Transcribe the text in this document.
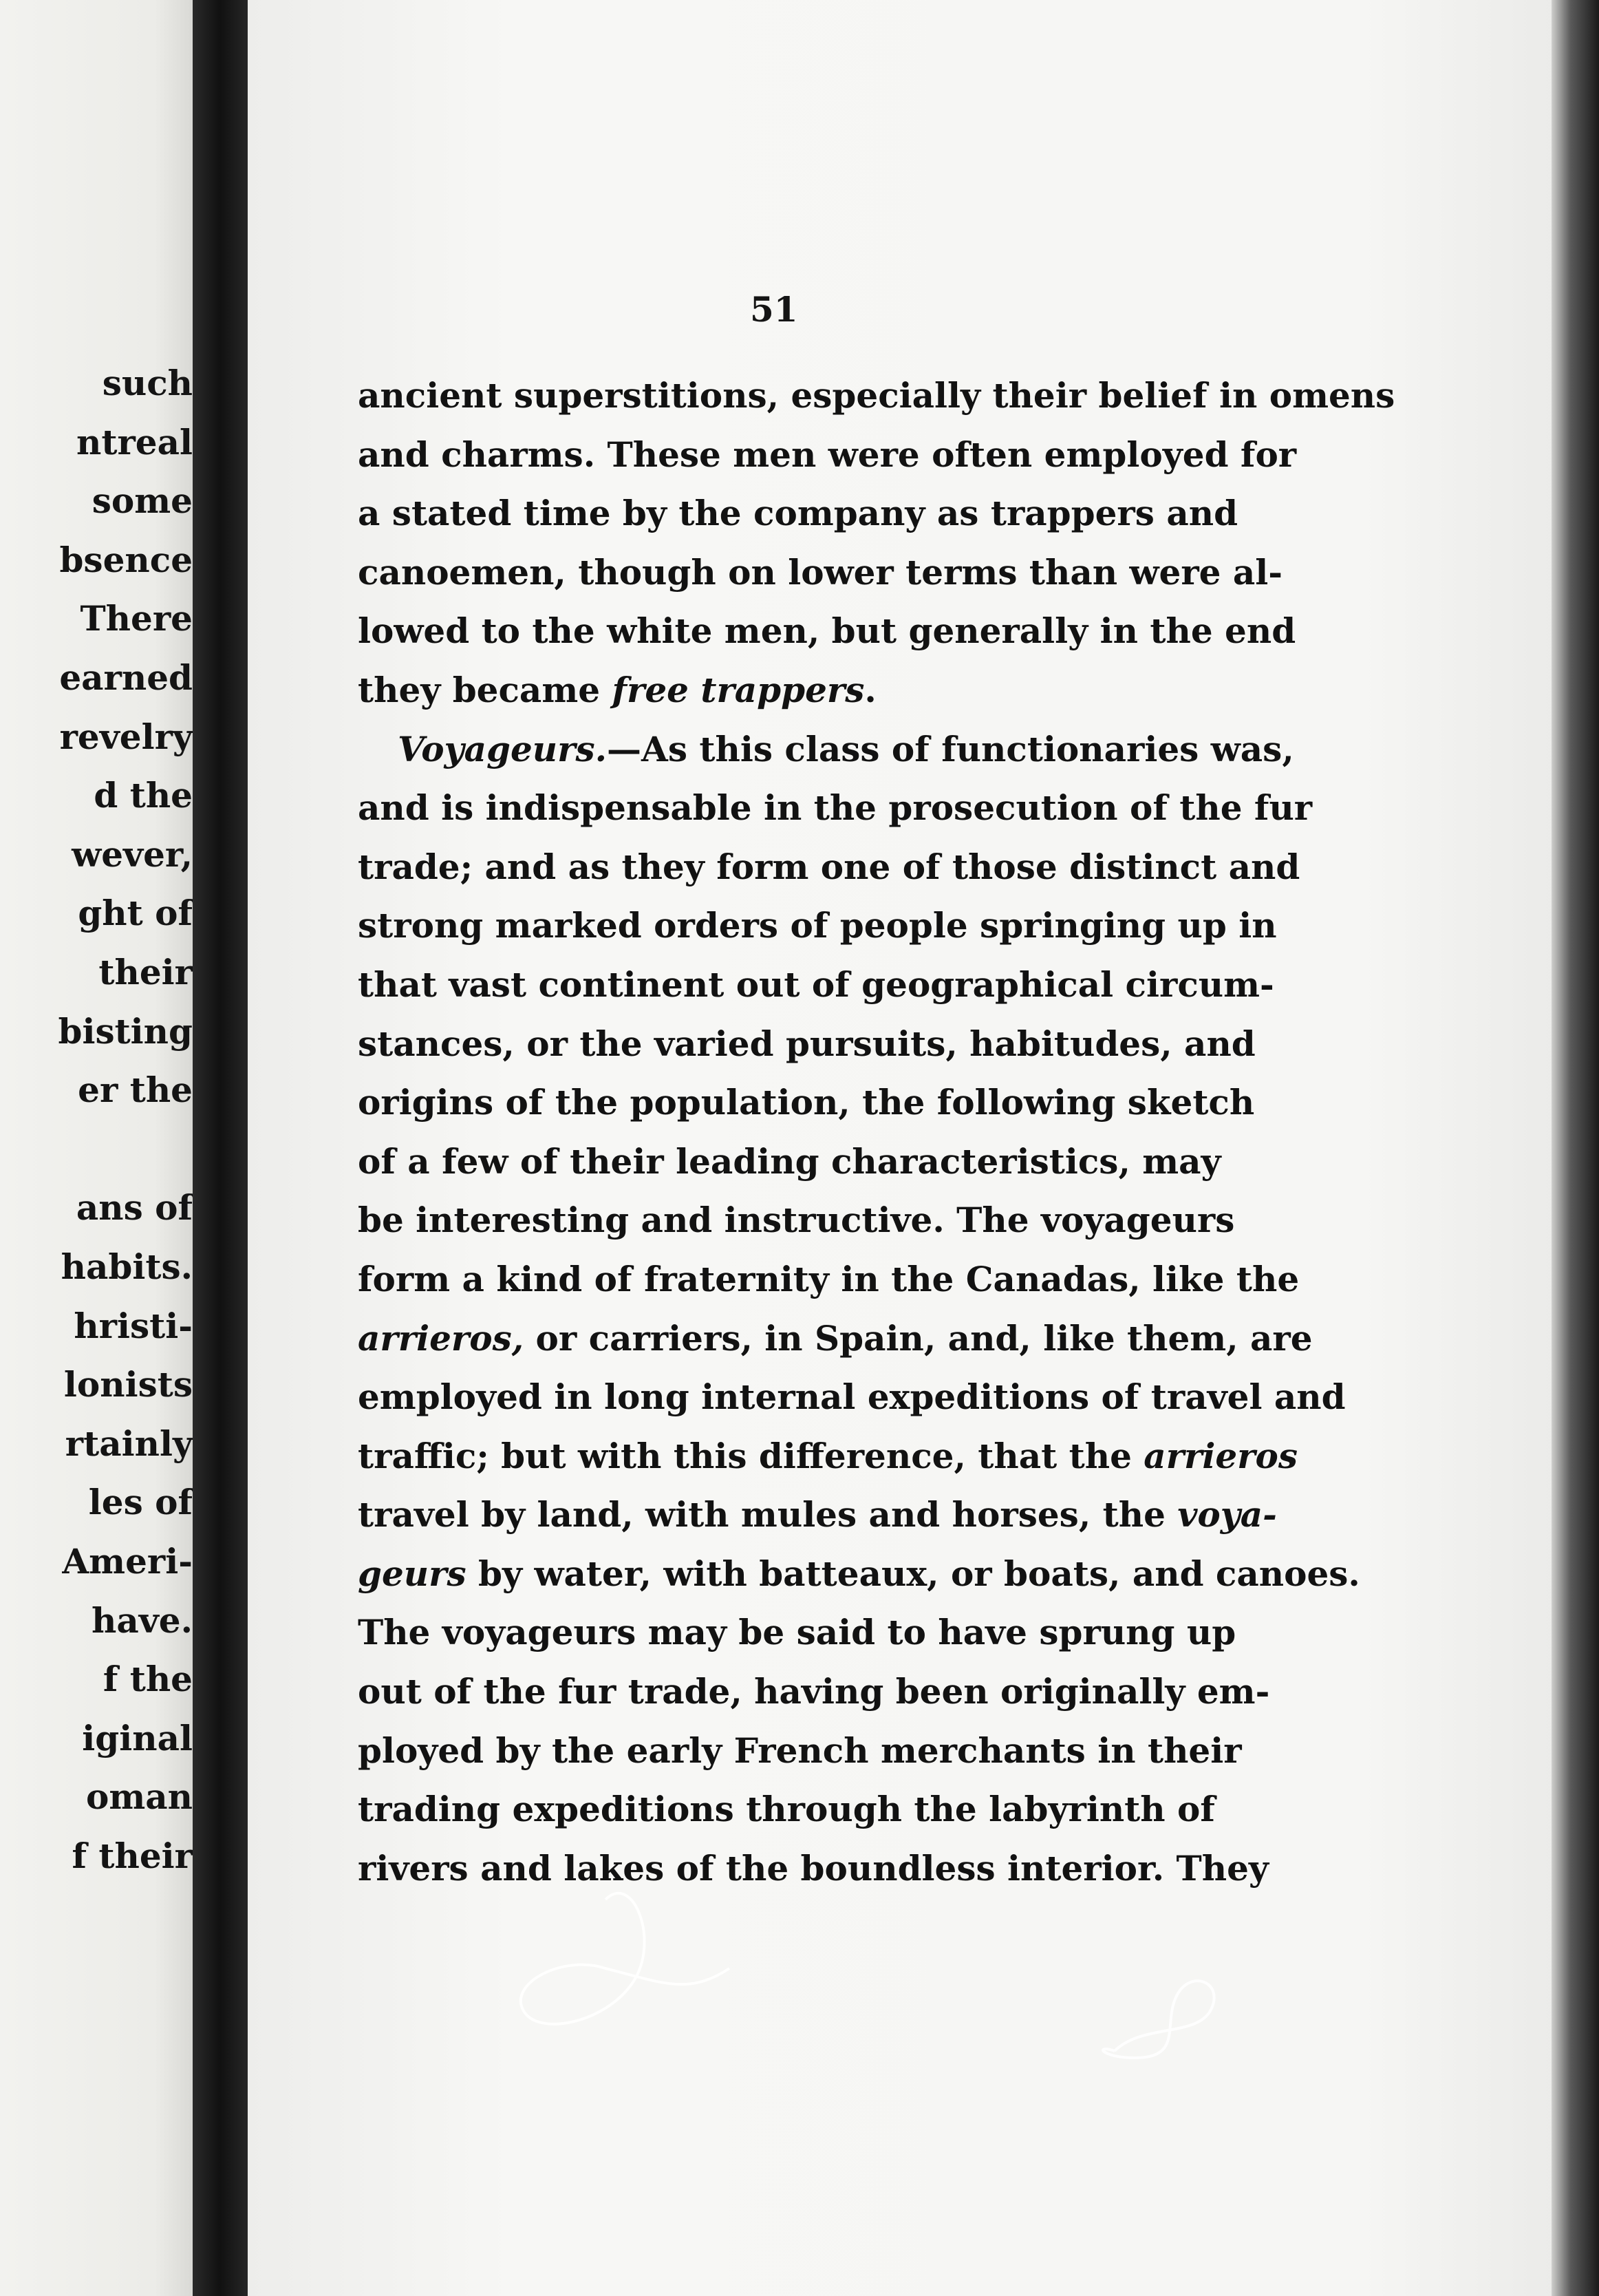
such
ntreal
some
bsence
There
earned
revelry
d the
wever,
ght of
their
bisting
er the
ans of
habits.
hristi-
lonists
rtainly
les of
Ameri-
have.
f the
iginal
oman
f their
51
ancient superstitions, especially their belief in omens
and charms. These men were often employed for
a stated time by the company as trappers and
canoemen, though on lower terms than were al-
lowed to the white men, but generally in the end
they became free trappers.
Voyageurs.—As this class of functionaries was,
and is indispensable in the prosecution of the fur
trade; and as they form one of those distinct and
strong marked orders of people springing up in
that vast continent out of geographical circum-
stances, or the varied pursuits, habitudes, and
origins of the population, the following sketch
of a few of their leading characteristics, may
be interesting and instructive. The voyageurs
form a kind of fraternity in the Canadas, like the
arrieros, or carriers, in Spain, and, like them, are
employed in long internal expeditions of travel and
traffic; but with this difference, that the arrieros
travel by land, with mules and horses, the voya-
geurs by water, with batteaux, or boats, and canoes.
The voyageurs may be said to have sprung up
out of the fur trade, having been originally em-
ployed by the early French merchants in their
trading expeditions through the labyrinth of
rivers and lakes of the boundless interior. They
